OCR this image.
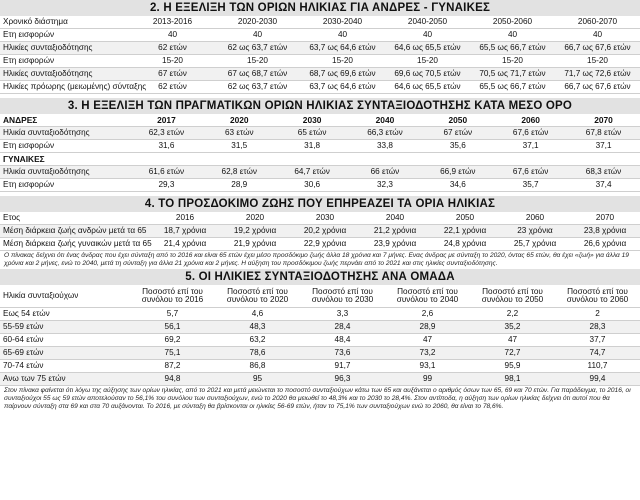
2. Η ΕΞΕΛΙΞΗ ΤΩΝ ΟΡΙΩΝ ΗΛΙΚΙΑΣ ΓΙΑ ΑΝΔΡΕΣ - ΓΥΝΑΙΚΕΣ
Χρονικό διάστημα	2013-2016	2020-2030	2030-2040	2040-2050	2050-2060	2060-2070
Ετη εισφορών	40	40	40	40	40	40
Ηλικίες συνταξιοδότησης	62 ετών	62 ως 63,7 ετών	63,7 ως 64,6 ετών	64,6 ως 65,5 ετών	65,5 ως 66,7 ετών	66,7 ως 67,6 ετών
Ετη εισφορών	15-20	15-20	15-20	15-20	15-20	15-20
Ηλικίες συνταξιοδότησης	67 ετών	67 ως 68,7 ετών	68,7 ως 69,6 ετών	69,6 ως 70,5 ετών	70,5 ως 71,7 ετών	71,7 ως 72,6 ετών
Ηλικίες πρόωρης (μειωμένης) σύνταξης	62 ετών	62 ως 63,7 ετών	63,7 ως 64,6 ετών	64,6 ως 65,5 ετών	65,5 ως 66,7 ετών	66,7 ως 67,6 ετών
3. Η ΕΞΕΛΙΞΗ ΤΩΝ ΠΡΑΓΜΑΤΙΚΩΝ ΟΡΙΩΝ ΗΛΙΚΙΑΣ ΣΥΝΤΑΞΙΟΔΟΤΗΣΗΣ ΚΑΤΑ ΜΕΣΟ ΟΡΟ
ΑΝΔΡΕΣ	2017	2020	2030	2040	2050	2060	2070
Ηλικία συνταξιοδότησης	62,3 ετών	63 ετών	65 ετών	66,3 ετών	67 ετών	67,6 ετών	67,8 ετών
Ετη εισφορών	31,6	31,5	31,8	33,8	35,6	37,1	37,1
ΓΥΝΑΙΚΕΣ							
Ηλικία συνταξιοδότησης	61,6 ετών	62,8 ετών	64,7 ετών	66 ετών	66,9 ετών	67,6 ετών	68,3 ετών
Ετη εισφορών	29,3	28,9	30,6	32,3	34,6	35,7	37,4
4. ΤΟ ΠΡΟΣΔΟΚΙΜΟ ΖΩΗΣ ΠΟΥ ΕΠΗΡΕΑΖΕΙ ΤΑ ΟΡΙΑ ΗΛΙΚΙΑΣ
Ετος	2016	2020	2030	2040	2050	2060	2070
Μέση διάρκεια ζωής ανδρών μετά τα 65	18,7 χρόνια	19,2 χρόνια	20,2 χρόνια	21,2 χρόνια	22,1 χρόνια	23 χρόνια	23,8 χρόνια
Μέση διάρκεια ζωής γυναικών μετά τα 65	21,4 χρόνια	21,9 χρόνια	22,9 χρόνια	23,9 χρόνια	24,8 χρόνια	25,7 χρόνια	26,6 χρόνια

Ο πίνακας δείχνει ότι ένας άνδρας που έχει σύνταξη από το 2016 και είναι 65 ετών έχει μέσο προσδόκιμο ζωής άλλα 18 χρόνια και 7 μήνες. Ενας άνδρας με σύνταξη το 2020, όντας 65 ετών, θα έχει «ζωή» για άλλα 19 χρόνια και 2 μήνες, ενώ το 2040, μετά τη σύνταξη για άλλα 21 χρόνια και 2 μήνες. Η αύξηση του προσδόκιμου ζωής περνάει από το 2021 και στις ηλικίες συνταξιοδότησης.

5. ΟΙ ΗΛΙΚΙΕΣ ΣΥΝΤΑΞΙΟΔΟΤΗΣΗΣ ΑΝΑ ΟΜΑΔΑ
Ηλικία συνταξιούχων	Ποσοστό επί του συνόλου το 2016	Ποσοστό επί του συνόλου το 2020	Ποσοστό επί του συνόλου το 2030	Ποσοστό επί του συνόλου το 2040	Ποσοστό επί του συνόλου το 2050	Ποσοστό επί του συνόλου το 2060
Εως 54 ετών	5,7	4,6	3,3	2,6	2,2	2
55-59 ετών	56,1	48,3	28,4	28,9	35,2	28,3
60-64 ετών	69,2	63,2	48,4	47	47	37,7
65-69 ετών	75,1	78,6	73,6	73,2	72,7	74,7
70-74 ετών	87,2	86,8	91,7	93,1	95,9	110,7
Ανω των 75 ετών	94,8	95	96,3	99	98,1	99,4

Στον πίνακα φαίνεται ότι λόγω της αύξησης των ορίων ηλικίας, από το 2021 και μετά μειώνεται το ποσοστό συνταξιούχων κάτω των 65 και αυξάνεται ο αριθμός όσων των 65, 69 και 70 ετών. Για παράδειγμα, το 2016, οι συνταξιούχοι 55 ως 59 ετών αποτελούσαν το 56,1% του συνόλου των συνταξιούχων, ενώ το 2020 θα μειωθεί το 48,3% και το 2030 το 28,4%. Στον αντίποδα, η αύξηση των ορίων ηλικίας δείχνει ότι αυτοί που θα παίρνουν σύνταξη στα 69 και στα 70 αυξάνονται. Το 2016, με σύνταξη θα βρίσκονται οι ηλικίες 56-69 ετών, ήταν το 75,1% των συνταξιούχων ενώ το 2060, θα είναι το 78,6%.
